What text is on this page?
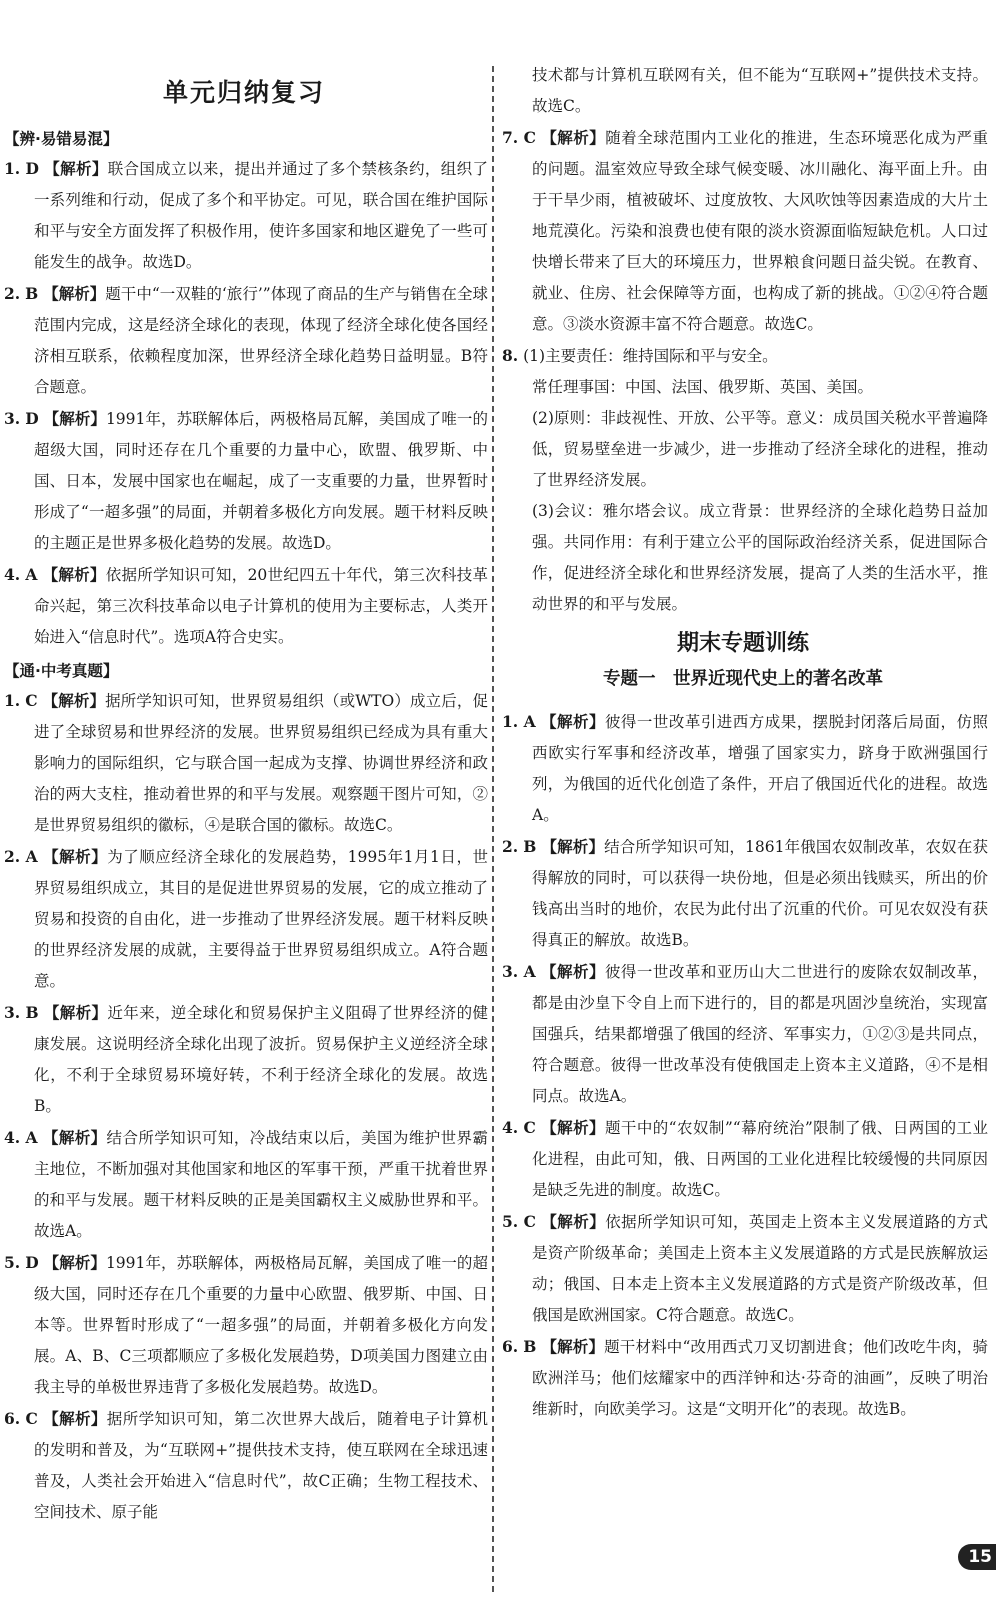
单元归纳复习
【辨·易错易混】
1. D 【解析】联合国成立以来，提出并通过了多个禁核条约，组织了一系列维和行动，促成了多个和平协定。可见，联合国在维护国际和平与安全方面发挥了积极作用，使许多国家和地区避免了一些可能发生的战争。故选D。
2. B 【解析】题干中“一双鞋的‘旅行’”体现了商品的生产与销售在全球范围内完成，这是经济全球化的表现，体现了经济全球化使各国经济相互联系，依赖程度加深，世界经济全球化趋势日益明显。B符合题意。
3. D 【解析】1991年，苏联解体后，两极格局瓦解，美国成了唯一的超级大国，同时还存在几个重要的力量中心，欧盟、俄罗斯、中国、日本，发展中国家也在崛起，成了一支重要的力量，世界暂时形成了“一超多强”的局面，并朝着多极化方向发展。题干材料反映的主题正是世界多极化趋势的发展。故选D。
4. A 【解析】依据所学知识可知，20世纪四五十年代，第三次科技革命兴起，第三次科技革命以电子计算机的使用为主要标志，人类开始进入“信息时代”。选项A符合史实。
【通·中考真题】
1. C 【解析】据所学知识可知，世界贸易组织（或WTO）成立后，促进了全球贸易和世界经济的发展。世界贸易组织已经成为具有重大影响力的国际组织，它与联合国一起成为支撑、协调世界经济和政治的两大支柱，推动着世界的和平与发展。观察题干图片可知，②是世界贸易组织的徽标，④是联合国的徽标。故选C。
2. A 【解析】为了顺应经济全球化的发展趋势，1995年1月1日，世界贸易组织成立，其目的是促进世界贸易的发展，它的成立推动了贸易和投资的自由化，进一步推动了世界经济发展。题干材料反映的世界经济发展的成就，主要得益于世界贸易组织成立。A符合题意。
3. B 【解析】近年来，逆全球化和贸易保护主义阻碍了世界经济的健康发展。这说明经济全球化出现了波折。贸易保护主义逆经济全球化，不利于全球贸易环境好转，不利于经济全球化的发展。故选B。
4. A 【解析】结合所学知识可知，冷战结束以后，美国为维护世界霸主地位，不断加强对其他国家和地区的军事干预，严重干扰着世界的和平与发展。题干材料反映的正是美国霸权主义威胁世界和平。故选A。
5. D 【解析】1991年，苏联解体，两极格局瓦解，美国成了唯一的超级大国，同时还存在几个重要的力量中心欧盟、俄罗斯、中国、日本等。世界暂时形成了“一超多强”的局面，并朝着多极化方向发展。A、B、C三项都顺应了多极化发展趋势，D项美国力图建立由我主导的单极世界违背了多极化发展趋势。故选D。
6. C 【解析】据所学知识可知，第二次世界大战后，随着电子计算机的发明和普及，为“互联网+”提供技术支持，使互联网在全球迅速普及，人类社会开始进入“信息时代”，故C正确；生物工程技术、空间技术、原子能

技术都与计算机互联网有关，但不能为“互联网+”提供技术支持。故选C。

7. C 【解析】随着全球范围内工业化的推进，生态环境恶化成为严重的问题。温室效应导致全球气候变暖、冰川融化、海平面上升。由于干旱少雨，植被破坏、过度放牧、大风吹蚀等因素造成的大片土地荒漠化。污染和浪费也使有限的淡水资源面临短缺危机。人口过快增长带来了巨大的环境压力，世界粮食问题日益尖锐。在教育、就业、住房、社会保障等方面，也构成了新的挑战。①②④符合题意。③淡水资源丰富不符合题意。故选C。
8. (1)主要责任：维持国际和平与安全。

常任理事国：中国、法国、俄罗斯、英国、美国。

(2)原则：非歧视性、开放、公平等。意义：成员国关税水平普遍降低，贸易壁垒进一步减少，进一步推动了经济全球化的进程，推动了世界经济发展。

(3)会议：雅尔塔会议。成立背景：世界经济的全球化趋势日益加强。共同作用：有利于建立公平的国际政治经济关系，促进国际合作，促进经济全球化和世界经济发展，提高了人类的生活水平，推动世界的和平与发展。

期末专题训练
专题一　世界近现代史上的著名改革
1. A 【解析】彼得一世改革引进西方成果，摆脱封闭落后局面，仿照西欧实行军事和经济改革，增强了国家实力，跻身于欧洲强国行列，为俄国的近代化创造了条件，开启了俄国近代化的进程。故选A。
2. B 【解析】结合所学知识可知，1861年俄国农奴制改革，农奴在获得解放的同时，可以获得一块份地，但是必须出钱赎买，所出的价钱高出当时的地价，农民为此付出了沉重的代价。可见农奴没有获得真正的解放。故选B。
3. A 【解析】彼得一世改革和亚历山大二世进行的废除农奴制改革，都是由沙皇下令自上而下进行的，目的都是巩固沙皇统治，实现富国强兵，结果都增强了俄国的经济、军事实力，①②③是共同点，符合题意。彼得一世改革没有使俄国走上资本主义道路，④不是相同点。故选A。
4. C 【解析】题干中的“农奴制”“幕府统治”限制了俄、日两国的工业化进程，由此可知，俄、日两国的工业化进程比较缓慢的共同原因是缺乏先进的制度。故选C。
5. C 【解析】依据所学知识可知，英国走上资本主义发展道路的方式是资产阶级革命；美国走上资本主义发展道路的方式是民族解放运动；俄国、日本走上资本主义发展道路的方式是资产阶级改革，但俄国是欧洲国家。C符合题意。故选C。
6. B 【解析】题干材料中“改用西式刀叉切割进食；他们改吃牛肉，骑欧洲洋马；他们炫耀家中的西洋钟和达·芬奇的油画”，反映了明治维新时，向欧美学习。这是“文明开化”的表现。故选B。
15
